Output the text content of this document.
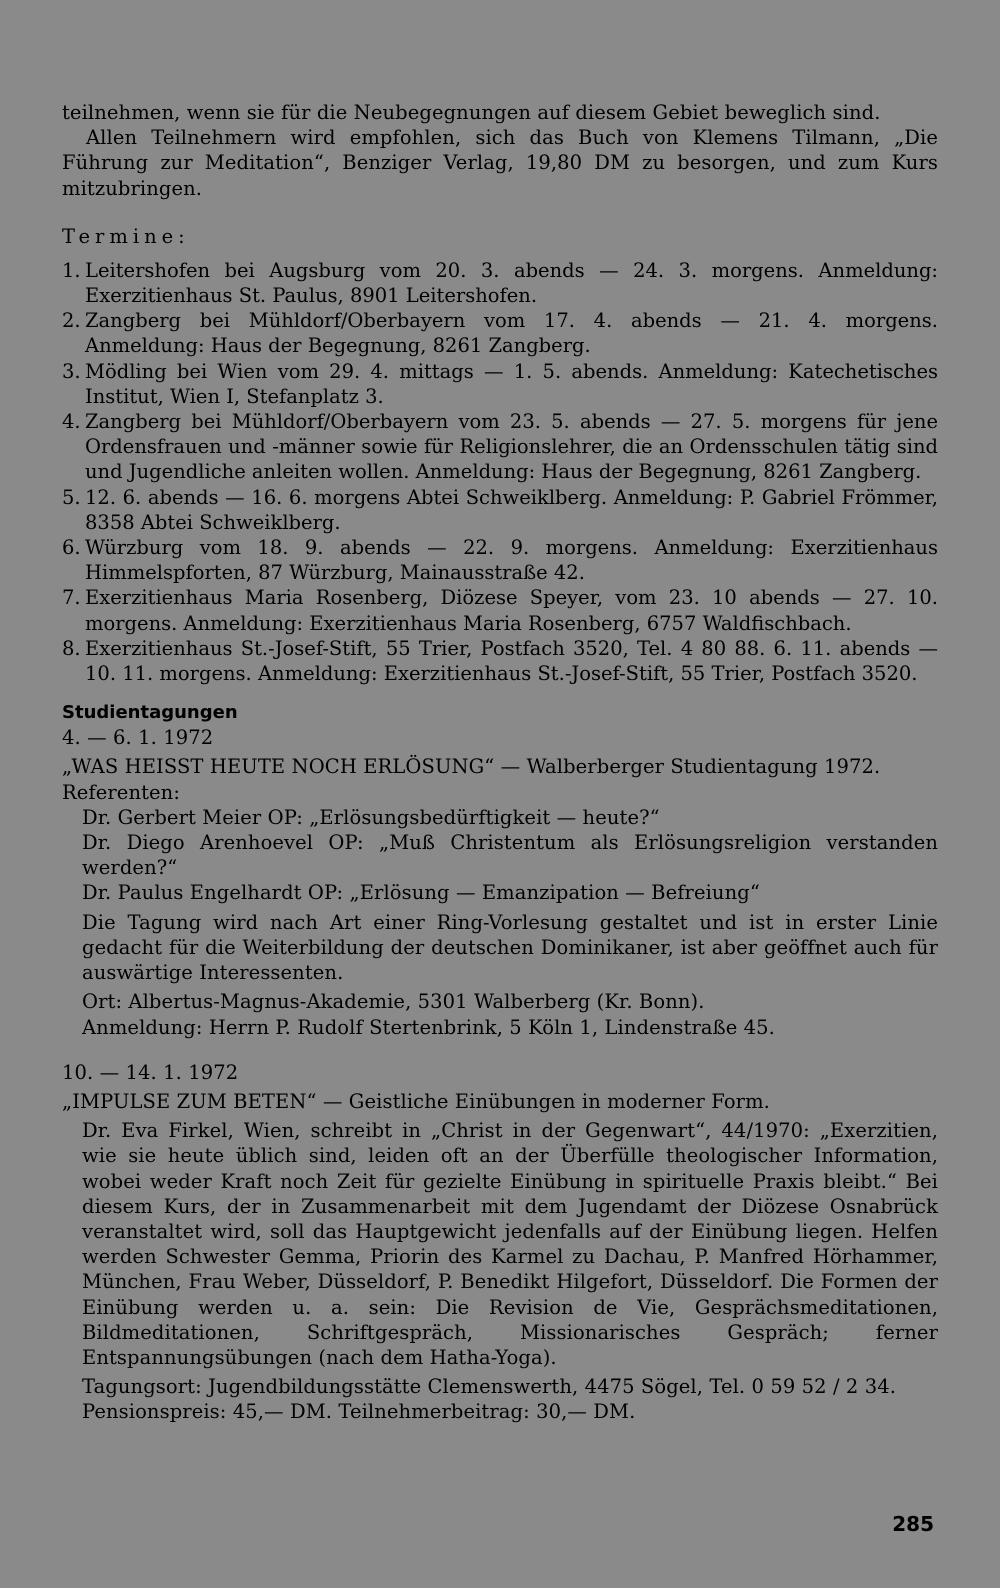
teilnehmen, wenn sie für die Neubegegnungen auf diesem Gebiet beweglich sind.

Allen Teilnehmern wird empfohlen, sich das Buch von Klemens Tilmann, „Die Führung zur Meditation“, Benziger Verlag, 19,80 DM zu besorgen, und zum Kurs mitzubringen.

Termine:
1. Leitershofen bei Augsburg vom 20. 3. abends — 24. 3. morgens. Anmeldung: Exerzitienhaus St. Paulus, 8901 Leitershofen.
2. Zangberg bei Mühldorf/Oberbayern vom 17. 4. abends — 21. 4. morgens. Anmeldung: Haus der Begegnung, 8261 Zangberg.
3. Mödling bei Wien vom 29. 4. mittags — 1. 5. abends. Anmeldung: Katechetisches Institut, Wien I, Stefanplatz 3.
4. Zangberg bei Mühldorf/Oberbayern vom 23. 5. abends — 27. 5. morgens für jene Ordensfrauen und -männer sowie für Religionslehrer, die an Ordensschulen tätig sind und Jugendliche anleiten wollen. Anmeldung: Haus der Begegnung, 8261 Zangberg.
5. 12. 6. abends — 16. 6. morgens Abtei Schweiklberg. Anmeldung: P. Gabriel Frömmer, 8358 Abtei Schweiklberg.
6. Würzburg vom 18. 9. abends — 22. 9. morgens. Anmeldung: Exerzitienhaus Himmelspforten, 87 Würzburg, Mainausstraße 42.
7. Exerzitienhaus Maria Rosenberg, Diözese Speyer, vom 23. 10 abends — 27. 10. morgens. Anmeldung: Exerzitienhaus Maria Rosenberg, 6757 Waldfischbach.
8. Exerzitienhaus St.-Josef-Stift, 55 Trier, Postfach 3520, Tel. 4 80 88. 6. 11. abends — 10. 11. morgens. Anmeldung: Exerzitienhaus St.-Josef-Stift, 55 Trier, Postfach 3520.
Studientagungen

4. — 6. 1. 1972

„WAS HEISST HEUTE NOCH ERLÖSUNG“ — Walberberger Studientagung 1972.

Referenten:

Dr. Gerbert Meier OP: „Erlösungsbedürftigkeit — heute?“

Dr. Diego Arenhoevel OP: „Muß Christentum als Erlösungsreligion verstanden werden?“

Dr. Paulus Engelhardt OP: „Erlösung — Emanzipation — Befreiung“

Die Tagung wird nach Art einer Ring-Vorlesung gestaltet und ist in erster Linie gedacht für die Weiterbildung der deutschen Dominikaner, ist aber geöffnet auch für auswärtige Interessenten.

Ort: Albertus-Magnus-Akademie, 5301 Walberberg (Kr. Bonn).

Anmeldung: Herrn P. Rudolf Stertenbrink, 5 Köln 1, Lindenstraße 45.

10. — 14. 1. 1972

„IMPULSE ZUM BETEN“ — Geistliche Einübungen in moderner Form.

Dr. Eva Firkel, Wien, schreibt in „Christ in der Gegenwart“, 44/1970: „Exerzitien, wie sie heute üblich sind, leiden oft an der Überfülle theologischer Information, wobei weder Kraft noch Zeit für gezielte Einübung in spirituelle Praxis bleibt.“ Bei diesem Kurs, der in Zusammenarbeit mit dem Jugendamt der Diözese Osnabrück veranstaltet wird, soll das Hauptgewicht jedenfalls auf der Einübung liegen. Helfen werden Schwester Gemma, Priorin des Karmel zu Dachau, P. Manfred Hörhammer, München, Frau Weber, Düsseldorf, P. Benedikt Hilgefort, Düsseldorf. Die Formen der Einübung werden u. a. sein: Die Revision de Vie, Gesprächsmeditationen, Bildmeditationen, Schriftgespräch, Missionarisches Gespräch; ferner Entspannungsübungen (nach dem Hatha-Yoga).

Tagungsort: Jugendbildungsstätte Clemenswerth, 4475 Sögel, Tel. 0 59 52 / 2 34.

Pensionspreis: 45,— DM. Teilnehmerbeitrag: 30,— DM.

285
